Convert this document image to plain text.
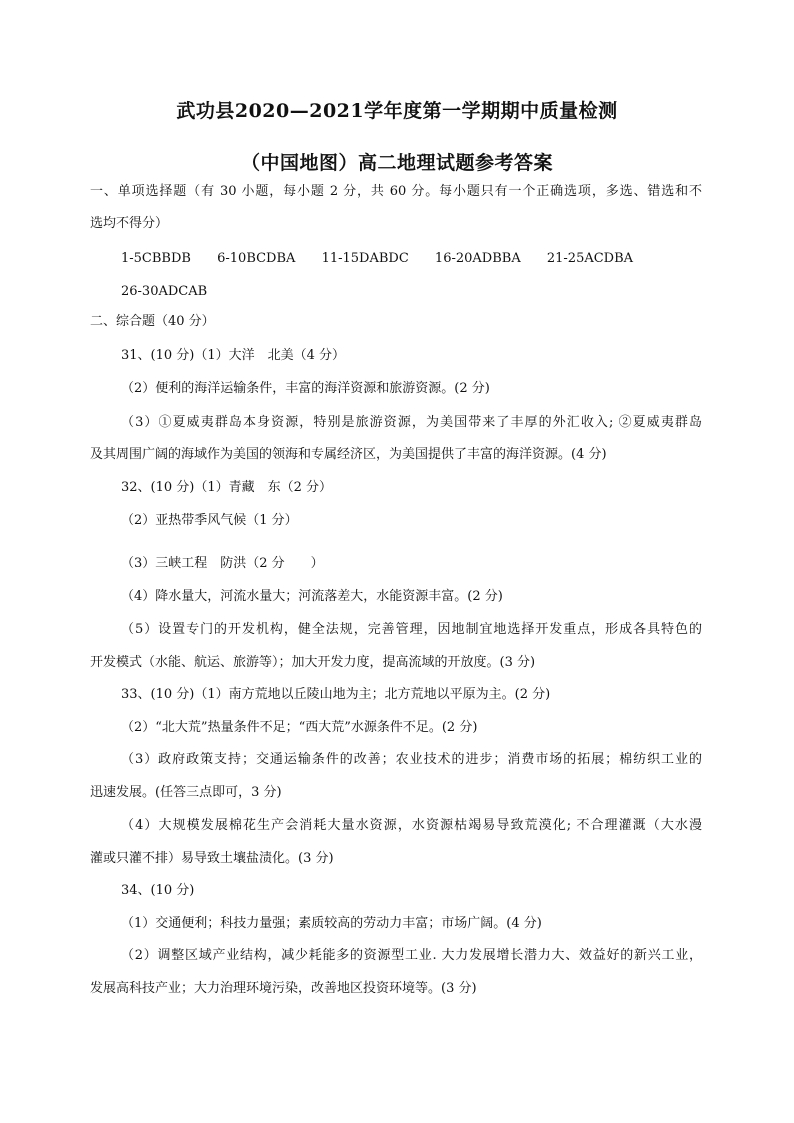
武功县2020—2021学年度第一学期期中质量检测
（中国地图）高二地理试题参考答案
一、单项选择题（有 30 小题，每小题 2 分，共 60 分。每小题只有一个正确选项，多选、错选和不
选均不得分）
1-5CBBDB 6-10BCDBA 11-15DABDC 16-20ADBBA 21-25ACDBA
26-30ADCAB
二、综合题（40 分）
31、(10 分)（1）大洋　北美（4 分）
（2）便利的海洋运输条件，丰富的海洋资源和旅游资源。(2 分)
（3）①夏威夷群岛本身资源，特别是旅游资源，为美国带来了丰厚的外汇收入; ②夏威夷群岛
及其周围广阔的海域作为美国的领海和专属经济区，为美国提供了丰富的海洋资源。(4 分)
32、(10 分)（1）青藏　东（2 分）
（2）亚热带季风气候（1 分）
（3）三峡工程　防洪（2 分　　）
（4）降水量大，河流水量大；河流落差大，水能资源丰富。(2 分)
（5）设置专门的开发机构，健全法规，完善管理，因地制宜地选择开发重点，形成各具特色的
开发模式（水能、航运、旅游等）；加大开发力度，提高流域的开放度。(3 分)
33、(10 分)（1）南方荒地以丘陵山地为主；北方荒地以平原为主。(2 分)
（2）“北大荒”热量条件不足；“西大荒”水源条件不足。(2 分)
（3）政府政策支持；交通运输条件的改善；农业技术的进步；消费市场的拓展；棉纺织工业的
迅速发展。(任答三点即可，3 分)
（4）大规模发展棉花生产会消耗大量水资源，水资源枯竭易导致荒漠化; 不合理灌溉（大水漫
灌或只灌不排）易导致土壤盐渍化。(3 分)
34、(10 分)
（1）交通便利；科技力量强；素质较高的劳动力丰富；市场广阔。(4 分)
（2）调整区域产业结构，减少耗能多的资源型工业. 大力发展增长潜力大、效益好的新兴工业，
发展高科技产业；大力治理环境污染，改善地区投资环境等。(3 分)
